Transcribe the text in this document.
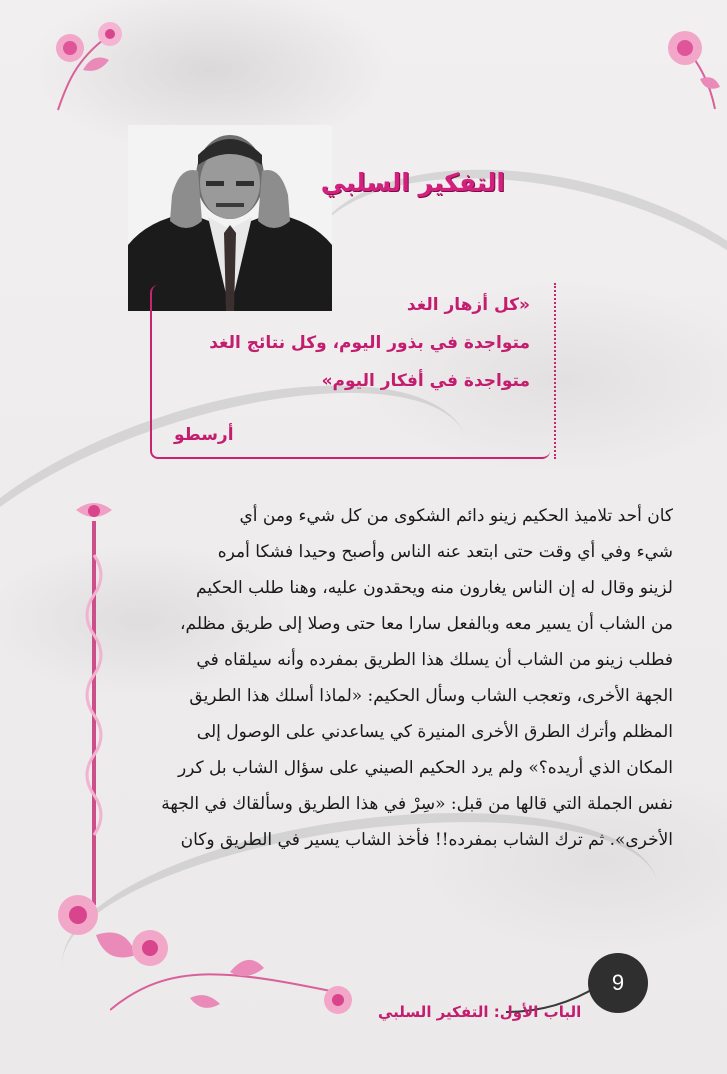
التفكير السلبي
«كل أزهار الغد
متواجدة في بذور اليوم، وكل نتائج الغد
متواجدة في أفكار اليوم»
أرسطو

كان أحد تلاميذ الحكيم زينو دائم الشكوى من كل شيء ومن أي
شيء وفي أي وقت حتى ابتعد عنه الناس وأصبح وحيدا فشكا أمره
لزينو وقال له إن الناس يغارون منه ويحقدون عليه، وهنا طلب الحكيم
من الشاب أن يسير معه وبالفعل سارا معا حتى وصلا إلى طريق مظلم،
فطلب زينو من الشاب أن يسلك هذا الطريق بمفرده وأنه سيلقاه في
الجهة الأخرى، وتعجب الشاب وسأل الحكيم: «لماذا أسلك هذا الطريق
المظلم وأترك الطرق الأخرى المنيرة كي يساعدني على الوصول إلى
المكان الذي أريده؟» ولم يرد الحكيم الصيني على سؤال الشاب بل كرر
نفس الجملة التي قالها من قبل: «سِرْ في هذا الطريق وسألقاك في الجهة
الأخرى». ثم ترك الشاب بمفرده!! فأخذ الشاب يسير في الطريق وكان

الباب الأول: التفكير السلبي
9
